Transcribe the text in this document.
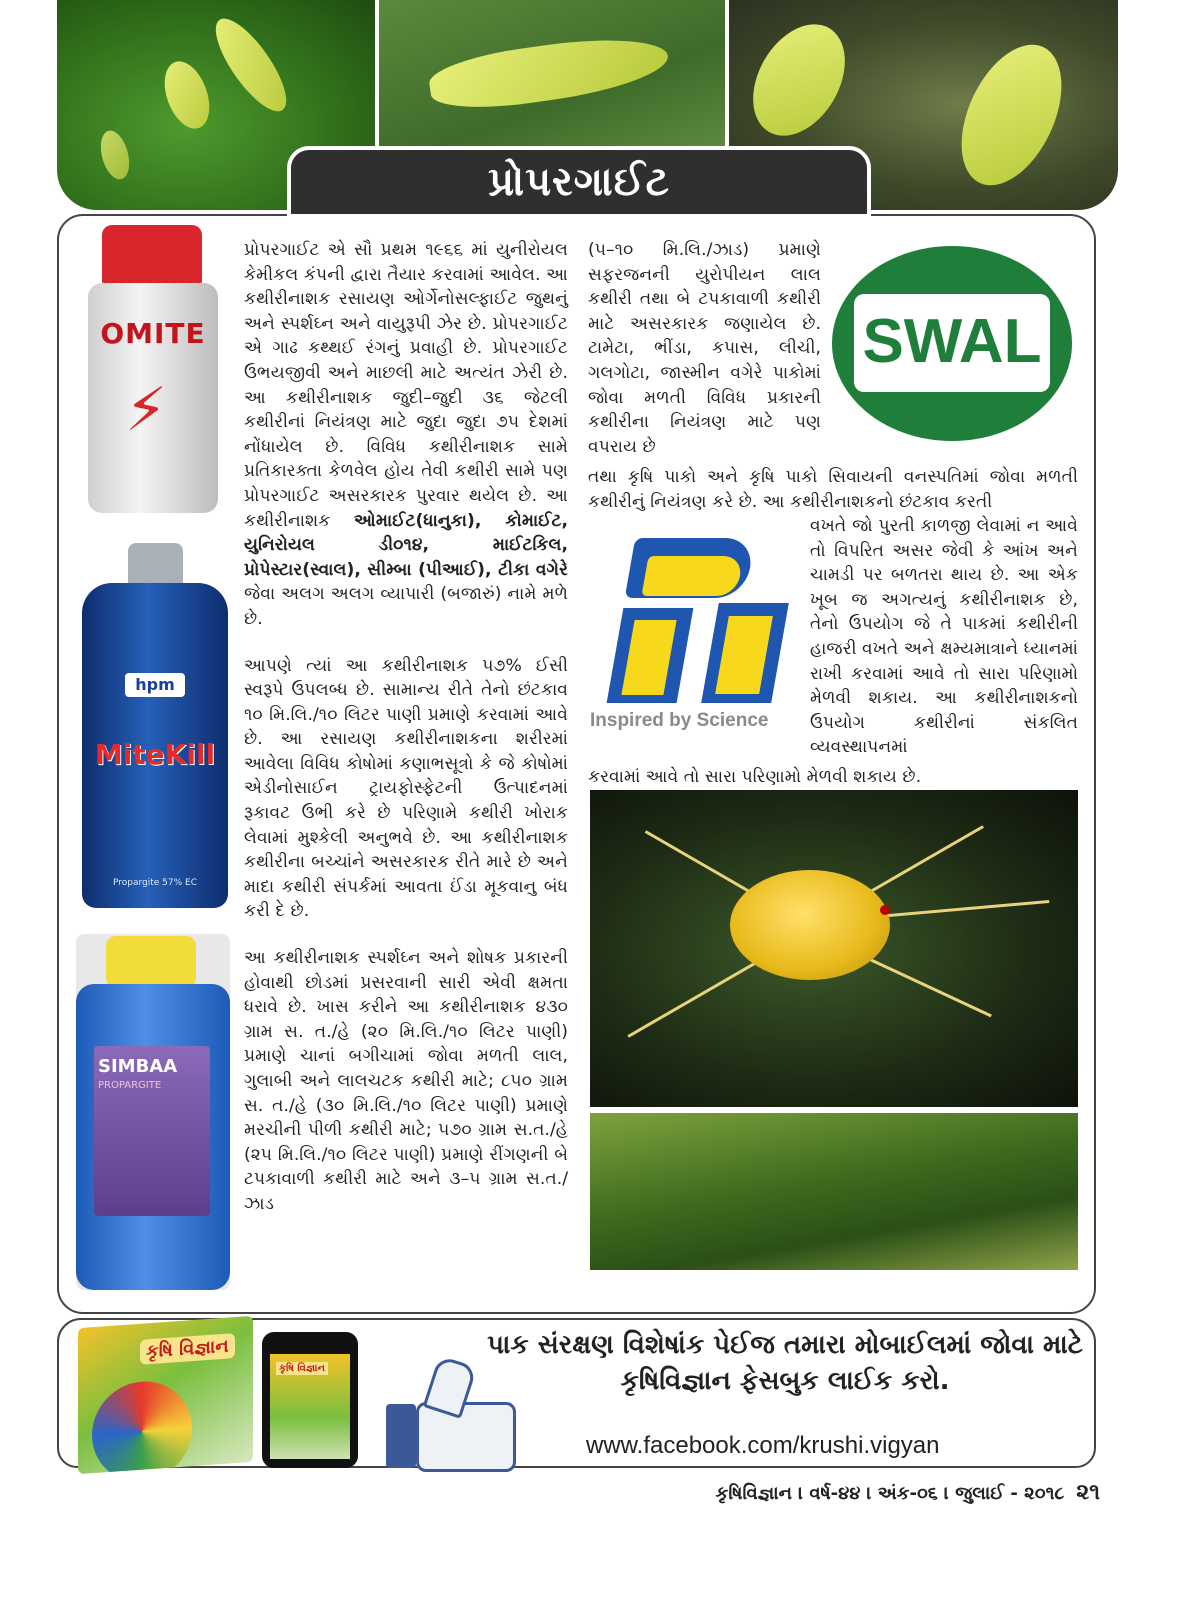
પ્રોપરગાઈટ
OMITE
⚡
hpm
MiteKill
Propargite 57% EC
SIMBAA
PROPARGITE

પ્રોપરગાઈટ એ સૌ પ્રથમ ૧૯૬૬ માં યુનીરોયલ કેમીકલ કંપની દ્વારા તૈયાર કરવામાં આવેલ. આ કથીરીનાશક રસાયણ ઓર્ગેનોસલ્ફાઈટ જુથનું અને સ્પર્શઘ્ન અને વાયુરૂપી ઝેર છે. પ્રોપરગાઈટ એ ગાઢ કથ્થઈ રંગનું પ્રવાહી છે. પ્રોપરગાઈટ ઉભયજીવી અને માછલી માટે અત્યંત ઝેરી છે. આ કથીરીનાશક જુદી–જુદી ૩૬ જેટલી કથીરીનાં નિયંત્રણ માટે જુદા જુદા ૭૫ દેશમાં નોંધાયેલ છે. વિવિધ કથીરીનાશક સામે પ્રતિકારક્તા કેળવેલ હોય તેવી કથીરી સામે પણ પ્રોપરગાઈટ અસરકારક પુરવાર થયેલ છે. આ કથીરીનાશક ઓમાઈટ(ધાનુકા), કોમાઈટ, યુનિરોયલ ડી૦૧૪, માઈટકિલ, પ્રોપેસ્ટાર(સ્વાલ), સીમ્બા (પીઆઈ), ટીકા વગેરે જેવા અલગ અલગ વ્યાપારી (બજારું) નામે મળે છે.

આપણે ત્યાં આ કથીરીનાશક ૫૭% ઈસી સ્વરૂપે ઉપલબ્ધ છે. સામાન્ય રીતે તેનો છંટકાવ ૧૦ મિ.લિ./૧૦ લિટર પાણી પ્રમાણે કરવામાં આવે છે. આ રસાયણ કથીરીનાશકના શરીરમાં આવેલા વિવિધ કોષોમાં કણાભસૂત્રો કે જે કોષોમાં એડીનોસાઈન ટ્રાયફોસ્ફેટની ઉત્પાદનમાં રૂકાવટ ઉભી કરે છે પરિણામે કથીરી ખોરાક લેવામાં મુશ્કેલી અનુભવે છે. આ કથીરીનાશક કથીરીના બચ્ચાંને અસરકારક રીતે મારે છે અને માદા કથીરી સંપર્કમાં આવતા ઈંડા મૂકવાનુ બંધ કરી દે છે.

આ કથીરીનાશક સ્પર્શઘ્ન અને શોષક પ્રકારની હોવાથી છોડમાં પ્રસરવાની સારી એવી ક્ષમતા ધરાવે છે. ખાસ કરીને આ કથીરીનાશક ૪૩૦ ગ્રામ સ. ત./હે (૨૦ મિ.લિ./૧૦ લિટર પાણી) પ્રમાણે ચાનાં બગીચામાં જોવા મળતી લાલ, ગુલાબી અને લાલચટક કથીરી માટે; ૮૫૦ ગ્રામ સ. ત./હે (૩૦ મિ.લિ./૧૦ લિટર પાણી) પ્રમાણે મરચીની પીળી કથીરી માટે; ૫૭૦ ગ્રામ સ.ત./હે (૨૫ મિ.લિ./૧૦ લિટર પાણી) પ્રમાણે રીંગણની બે ટપકાવાળી કથીરી માટે અને ૩–૫ ગ્રામ સ.ત./ઝાડ

(૫–૧૦ મિ.લિ./ઝાડ) પ્રમાણે સફરજનની યુરોપીયન લાલ કથીરી તથા બે ટપકાવાળી કથીરી માટે અસરકારક જણાયેલ છે. ટામેટા, ભીંડા, કપાસ, લીચી, ગલગોટા, જાસ્મીન વગેરે પાકોમાં જોવા મળતી વિવિધ પ્રકારની કથીરીના નિયંત્રણ માટે પણ વપરાય છે
તથા કૃષિ પાકો અને કૃષિ પાકો સિવાયની વનસ્પતિમાં જોવા મળતી કથીરીનું નિયંત્રણ કરે છે. આ કથીરીનાશકનો છંટકાવ કરતી
વખતે જો પુરતી કાળજી લેવામાં ન આવે તો વિપરિત અસર જેવી કે આંખ અને ચામડી પર બળતરા થાય છે. આ એક ખૂબ જ અગત્યનું કથીરીનાશક છે, તેનો ઉપયોગ જે તે પાકમાં કથીરીની હાજરી વખતે અને ક્ષમ્યમાત્રાને ધ્યાનમાં રાખી કરવામાં આવે તો સારા પરિણામો મેળવી શકાય. આ કથીરીનાશકનો ઉપયોગ કથીરીનાં સંકલિત વ્યવસ્થાપનમાં
કરવામાં આવે તો સારા પરિણામો મેળવી શકાય છે.
SWAL
Inspired by Science
કૃષિ વિજ્ઞાન
કૃષિ વિજ્ઞાન
પાક સંરક્ષણ વિશેષાંક પેઈજ તમારા મોબાઈલમાં જોવા માટે
કૃષિવિજ્ઞાન ફેસબુક લાઈક કરો.
www.facebook.com/krushi.vigyan
કૃષિવિજ્ઞાન । વર્ષ-૪૪ । અંક-૦૬ । જુલાઈ - ૨૦૧૮ ૨૧
